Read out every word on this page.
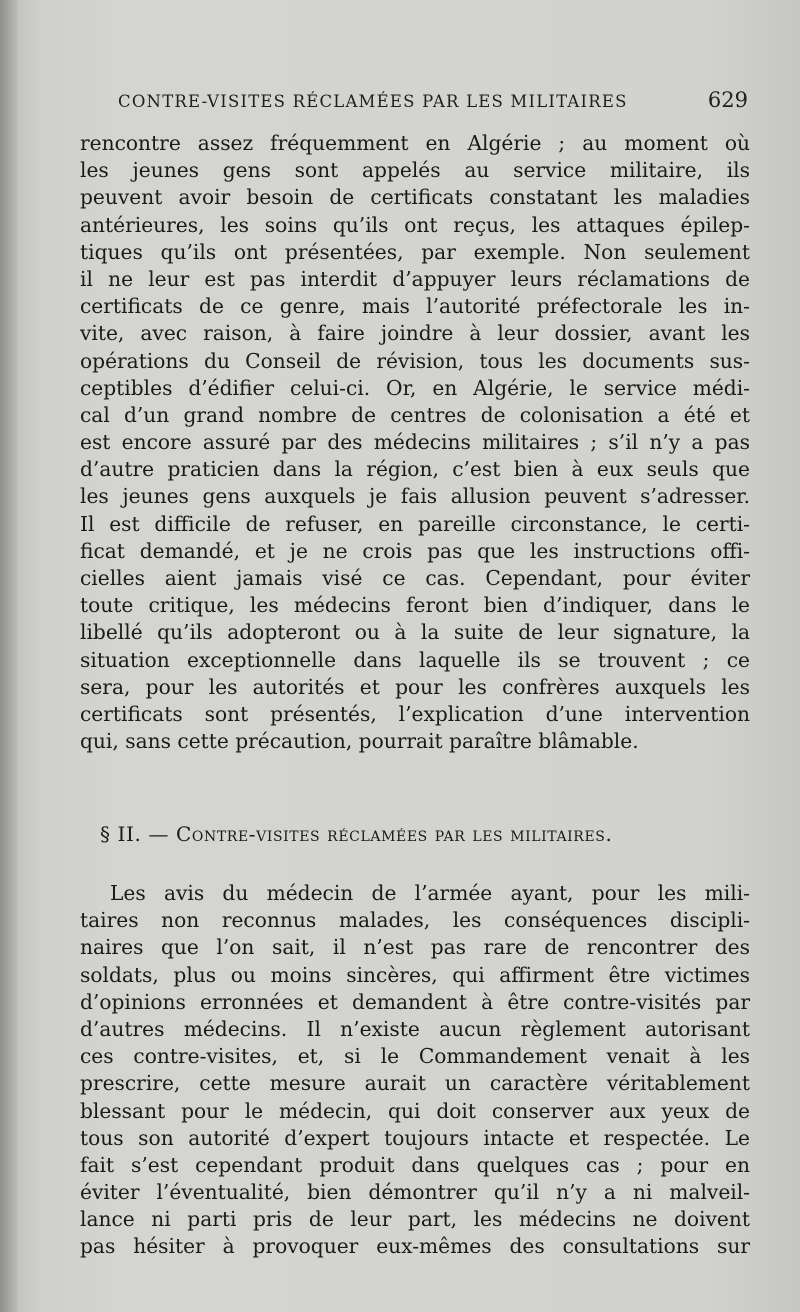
CONTRE-VISITES RÉCLAMÉES PAR LES MILITAIRES	629
rencontre assez fréquemment en Algérie ; au moment où
les jeunes gens sont appelés au service militaire, ils
peuvent avoir besoin de certificats constatant les maladies
antérieures, les soins qu’ils ont reçus, les attaques épilep-
tiques qu’ils ont présentées, par exemple. Non seulement
il ne leur est pas interdit d’appuyer leurs réclamations de
certificats de ce genre, mais l’autorité préfectorale les in-
vite, avec raison, à faire joindre à leur dossier, avant les
opérations du Conseil de révision, tous les documents sus-
ceptibles d’édifier celui-ci. Or, en Algérie, le service médi-
cal d’un grand nombre de centres de colonisation a été et
est encore assuré par des médecins militaires ; s’il n’y a pas
d’autre praticien dans la région, c’est bien à eux seuls que
les jeunes gens auxquels je fais allusion peuvent s’adresser.
Il est difficile de refuser, en pareille circonstance, le certi-
ficat demandé, et je ne crois pas que les instructions offi-
cielles aient jamais visé ce cas. Cependant, pour éviter
toute critique, les médecins feront bien d’indiquer, dans le
libellé qu’ils adopteront ou à la suite de leur signature, la
situation exceptionnelle dans laquelle ils se trouvent ; ce
sera, pour les autorités et pour les confrères auxquels les
certificats sont présentés, l’explication d’une intervention
qui, sans cette précaution, pourrait paraître blâmable.
§ II. — Contre-visites réclamées par les militaires.
Les avis du médecin de l’armée ayant, pour les mili-
taires non reconnus malades, les conséquences discipli-
naires que l’on sait, il n’est pas rare de rencontrer des
soldats, plus ou moins sincères, qui affirment être victimes
d’opinions erronnées et demandent à être contre-visités par
d’autres médecins. Il n’existe aucun règlement autorisant
ces contre-visites, et, si le Commandement venait à les
prescrire, cette mesure aurait un caractère véritablement
blessant pour le médecin, qui doit conserver aux yeux de
tous son autorité d’expert toujours intacte et respectée. Le
fait s’est cependant produit dans quelques cas ; pour en
éviter l’éventualité, bien démontrer qu’il n’y a ni malveil-
lance ni parti pris de leur part, les médecins ne doivent
pas hésiter à provoquer eux-mêmes des consultations sur
